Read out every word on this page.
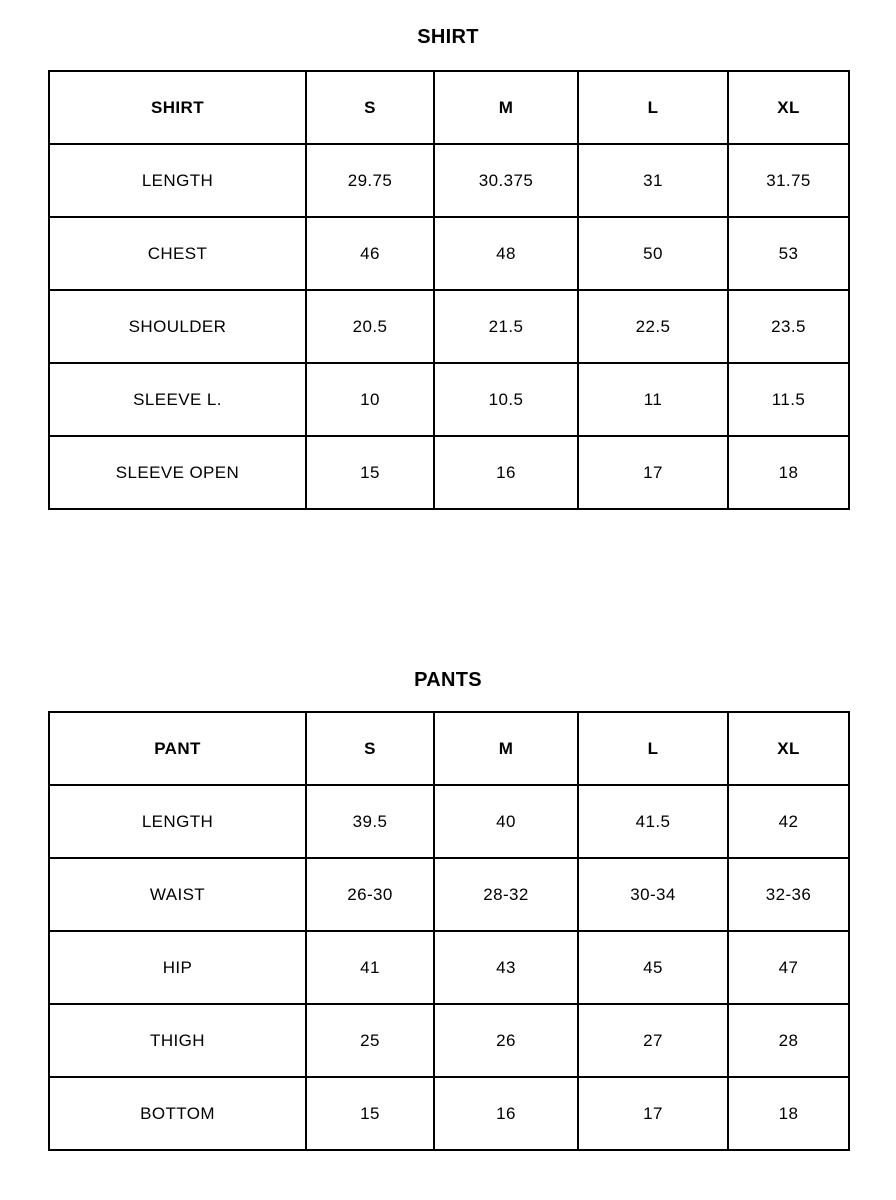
SHIRT
SHIRT	S	M	L	XL
LENGTH	29.75	30.375	31	31.75
CHEST	46	48	50	53
SHOULDER	20.5	21.5	22.5	23.5
SLEEVE L.	10	10.5	11	11.5
SLEEVE OPEN	15	16	17	18
PANTS
PANT	S	M	L	XL
LENGTH	39.5	40	41.5	42
WAIST	26-30	28-32	30-34	32-36
HIP	41	43	45	47
THIGH	25	26	27	28
BOTTOM	15	16	17	18
